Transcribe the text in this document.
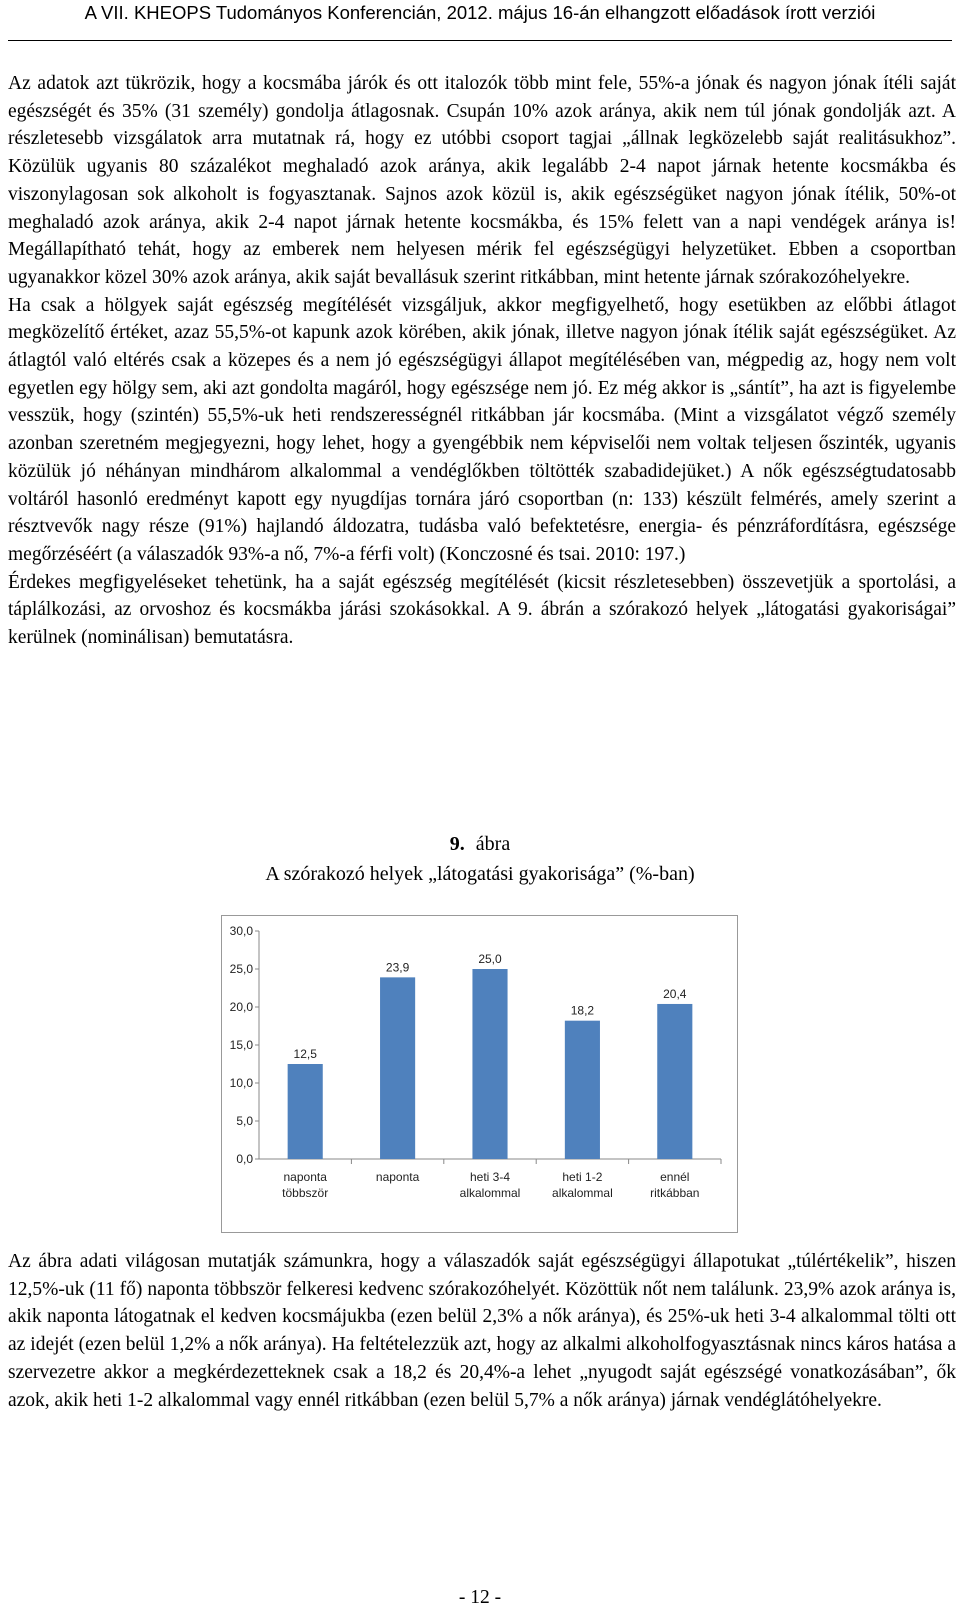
A VII. KHEOPS Tudományos Konferencián, 2012. május 16-án elhangzott előadások írott verziói

Az adatok azt tükrözik, hogy a kocsmába járók és ott italozók több mint fele, 55%-a jónak és nagyon jónak ítéli saját egészségét és 35% (31 személy) gondolja átlagosnak. Csupán 10% azok aránya, akik nem túl jónak gondolják azt. A részletesebb vizsgálatok arra mutatnak rá, hogy ez utóbbi csoport tagjai „állnak legközelebb saját realitásukhoz”. Közülük ugyanis 80 százalékot meghaladó azok aránya, akik legalább 2-4 napot járnak hetente kocsmákba és viszonylagosan sok alkoholt is fogyasztanak. Sajnos azok közül is, akik egészségüket nagyon jónak ítélik, 50%-ot meghaladó azok aránya, akik 2-4 napot járnak hetente kocsmákba, és 15% felett van a napi vendégek aránya is! Megállapítható tehát, hogy az emberek nem helyesen mérik fel egészségügyi helyzetüket. Ebben a csoportban ugyanakkor közel 30% azok aránya, akik saját bevallásuk szerint ritkábban, mint hetente járnak szórakozóhelyekre.

Ha csak a hölgyek saját egészség megítélését vizsgáljuk, akkor megfigyelhető, hogy esetükben az előbbi átlagot megközelítő értéket, azaz 55,5%-ot kapunk azok körében, akik jónak, illetve nagyon jónak ítélik saját egészségüket. Az átlagtól való eltérés csak a közepes és a nem jó egészségügyi állapot megítélésében van, mégpedig az, hogy nem volt egyetlen egy hölgy sem, aki azt gondolta magáról, hogy egészsége nem jó. Ez még akkor is „sántít”, ha azt is figyelembe vesszük, hogy (szintén) 55,5%-uk heti rendszerességnél ritkábban jár kocsmába. (Mint a vizsgálatot végző személy azonban szeretném megjegyezni, hogy lehet, hogy a gyengébbik nem képviselői nem voltak teljesen őszinték, ugyanis közülük jó néhányan mindhárom alkalommal a vendéglőkben töltötték szabadidejüket.) A nők egészségtudatosabb voltáról hasonló eredményt kapott egy nyugdíjas tornára járó csoportban (n: 133) készült felmérés, amely szerint a résztvevők nagy része (91%) hajlandó áldozatra, tudásba való befektetésre, energia- és pénzráfordításra, egészsége megőrzéséért (a válaszadók 93%-a nő, 7%-a férfi volt) (Konczosné és tsai. 2010: 197.)

Érdekes megfigyeléseket tehetünk, ha a saját egészség megítélését (kicsit részletesebben) összevetjük a sportolási, a táplálkozási, az orvoshoz és kocsmákba járási szokásokkal. A 9. ábrán a szórakozó helyek „látogatási gyakoriságai” kerülnek (nominálisan) bemutatásra.

9. ábra
A szórakozó helyek „látogatási gyakorisága” (%-ban)
0,0
5,0
10,0
15,0
20,0
25,0
30,0
12,5
naponta
többször
23,9
naponta
25,0
heti 3-4
alkalommal
18,2
heti 1-2
alkalommal
20,4
ennél
ritkábban

Az ábra adati világosan mutatják számunkra, hogy a válaszadók saját egészségügyi állapotukat „túlértékelik”, hiszen 12,5%-uk (11 fő) naponta többször felkeresi kedvenc szórakozóhelyét. Közöttük nőt nem találunk. 23,9% azok aránya is, akik naponta látogatnak el kedven kocsmájukba (ezen belül 2,3% a nők aránya), és 25%-uk heti 3-4 alkalommal tölti ott az idejét (ezen belül 1,2% a nők aránya). Ha feltételezzük azt, hogy az alkalmi alkoholfogyasztásnak nincs káros hatása a szervezetre akkor a megkérdezetteknek csak a 18,2 és 20,4%-a lehet „nyugodt saját egészségé vonatkozásában”, ők azok, akik heti 1-2 alkalommal vagy ennél ritkábban (ezen belül 5,7% a nők aránya) járnak vendéglátóhelyekre.

- 12 -
